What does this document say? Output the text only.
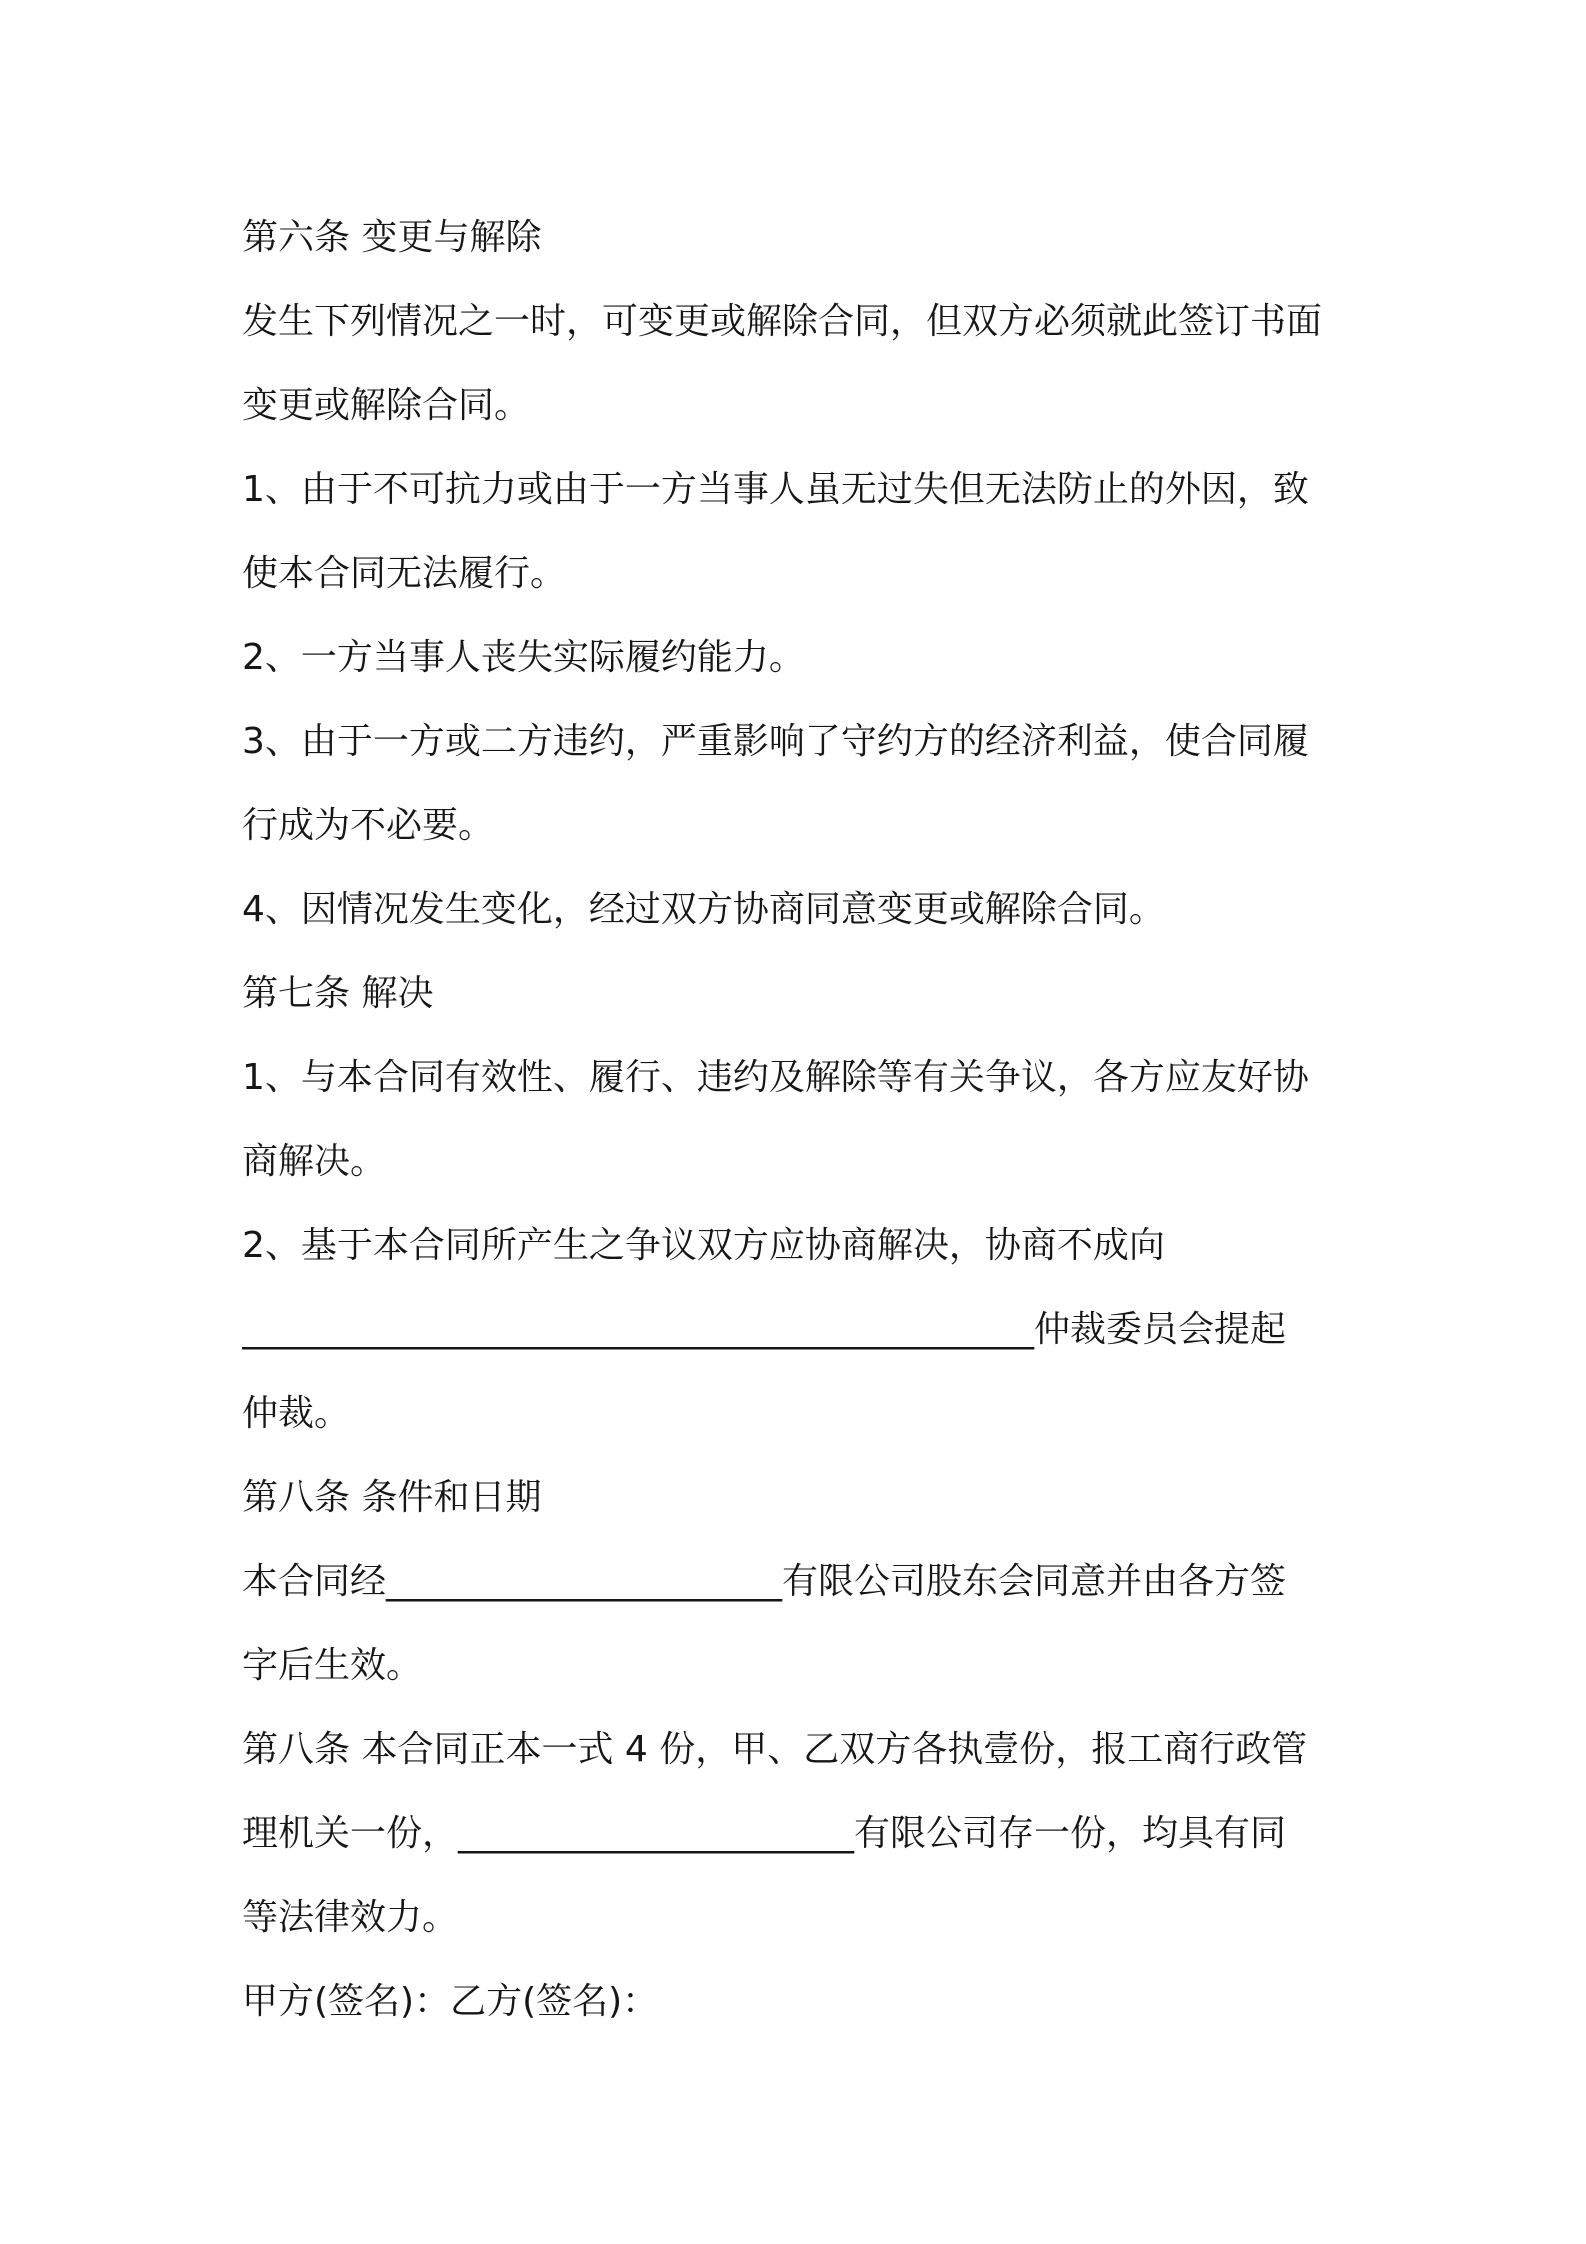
第六条 变更与解除
发生下列情况之一时，可变更或解除合同，但双方必须就此签订书面
变更或解除合同。
1、由于不可抗力或由于一方当事人虽无过失但无法防止的外因，致
使本合同无法履行。
2、一方当事人丧失实际履约能力。
3、由于一方或二方违约，严重影响了守约方的经济利益，使合同履
行成为不必要。
4、因情况发生变化，经过双方协商同意变更或解除合同。
第七条 解决
1、与本合同有效性、履行、违约及解除等有关争议，各方应友好协
商解决。
2、基于本合同所产生之争议双方应协商解决，协商不成向
____________________________________________仲裁委员会提起
仲裁。
第八条 条件和日期
本合同经______________________有限公司股东会同意并由各方签
字后生效。
第八条 本合同正本一式 4 份，甲、乙双方各执壹份，报工商行政管
理机关一份，______________________有限公司存一份，均具有同
等法律效力。
甲方(签名)：乙方(签名)：
